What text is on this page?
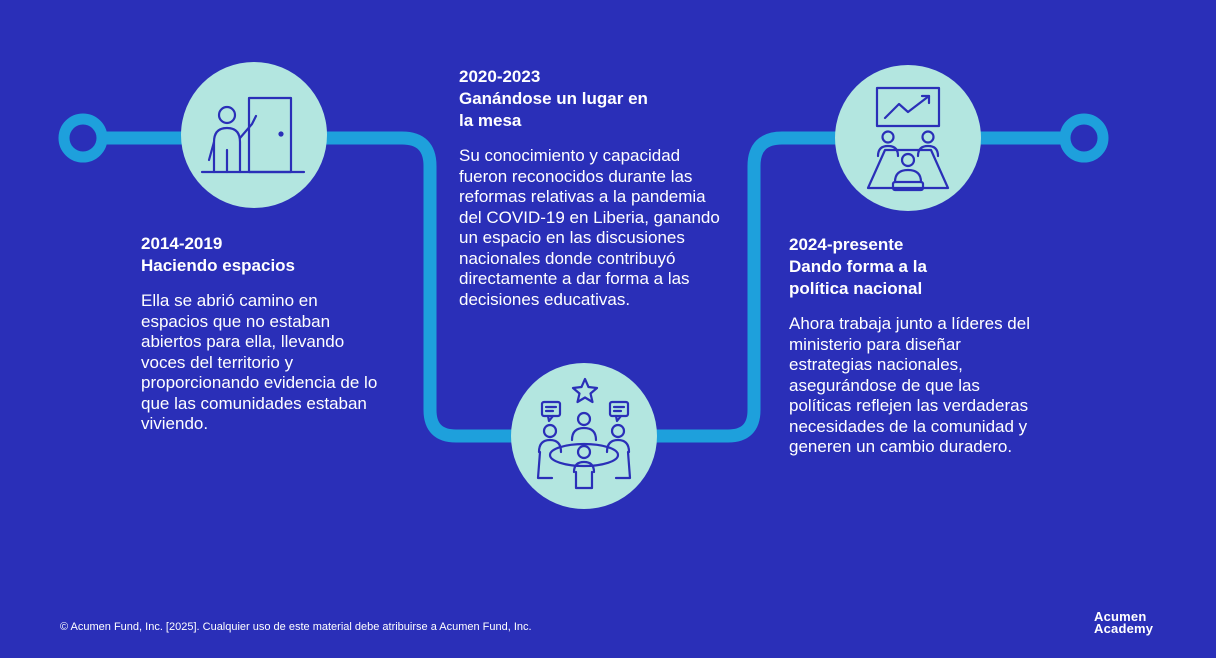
2014-2019
Haciendo espacios
Ella se abrió camino en espacios que no estaban abiertos para ella, llevando voces del territorio y proporcionando evidencia de lo que las comunidades estaban viviendo.
2020-2023
Ganándose un lugar en la mesa
Su conocimiento y capacidad fueron reconocidos durante las reformas relativas a la pandemia del COVID-19 en Liberia, ganando un espacio en las discusiones nacionales donde contribuyó directamente a dar forma a las decisiones educativas.
2024-presente
Dando forma a la política nacional
Ahora trabaja junto a líderes del ministerio para diseñar estrategias nacionales, asegurándose de que las políticas reflejen las verdaderas necesidades de la comunidad y generen un cambio duradero.
© Acumen Fund, Inc. [2025]. Cualquier uso de este material debe atribuirse a Acumen Fund, Inc.
Acumen
Academy
